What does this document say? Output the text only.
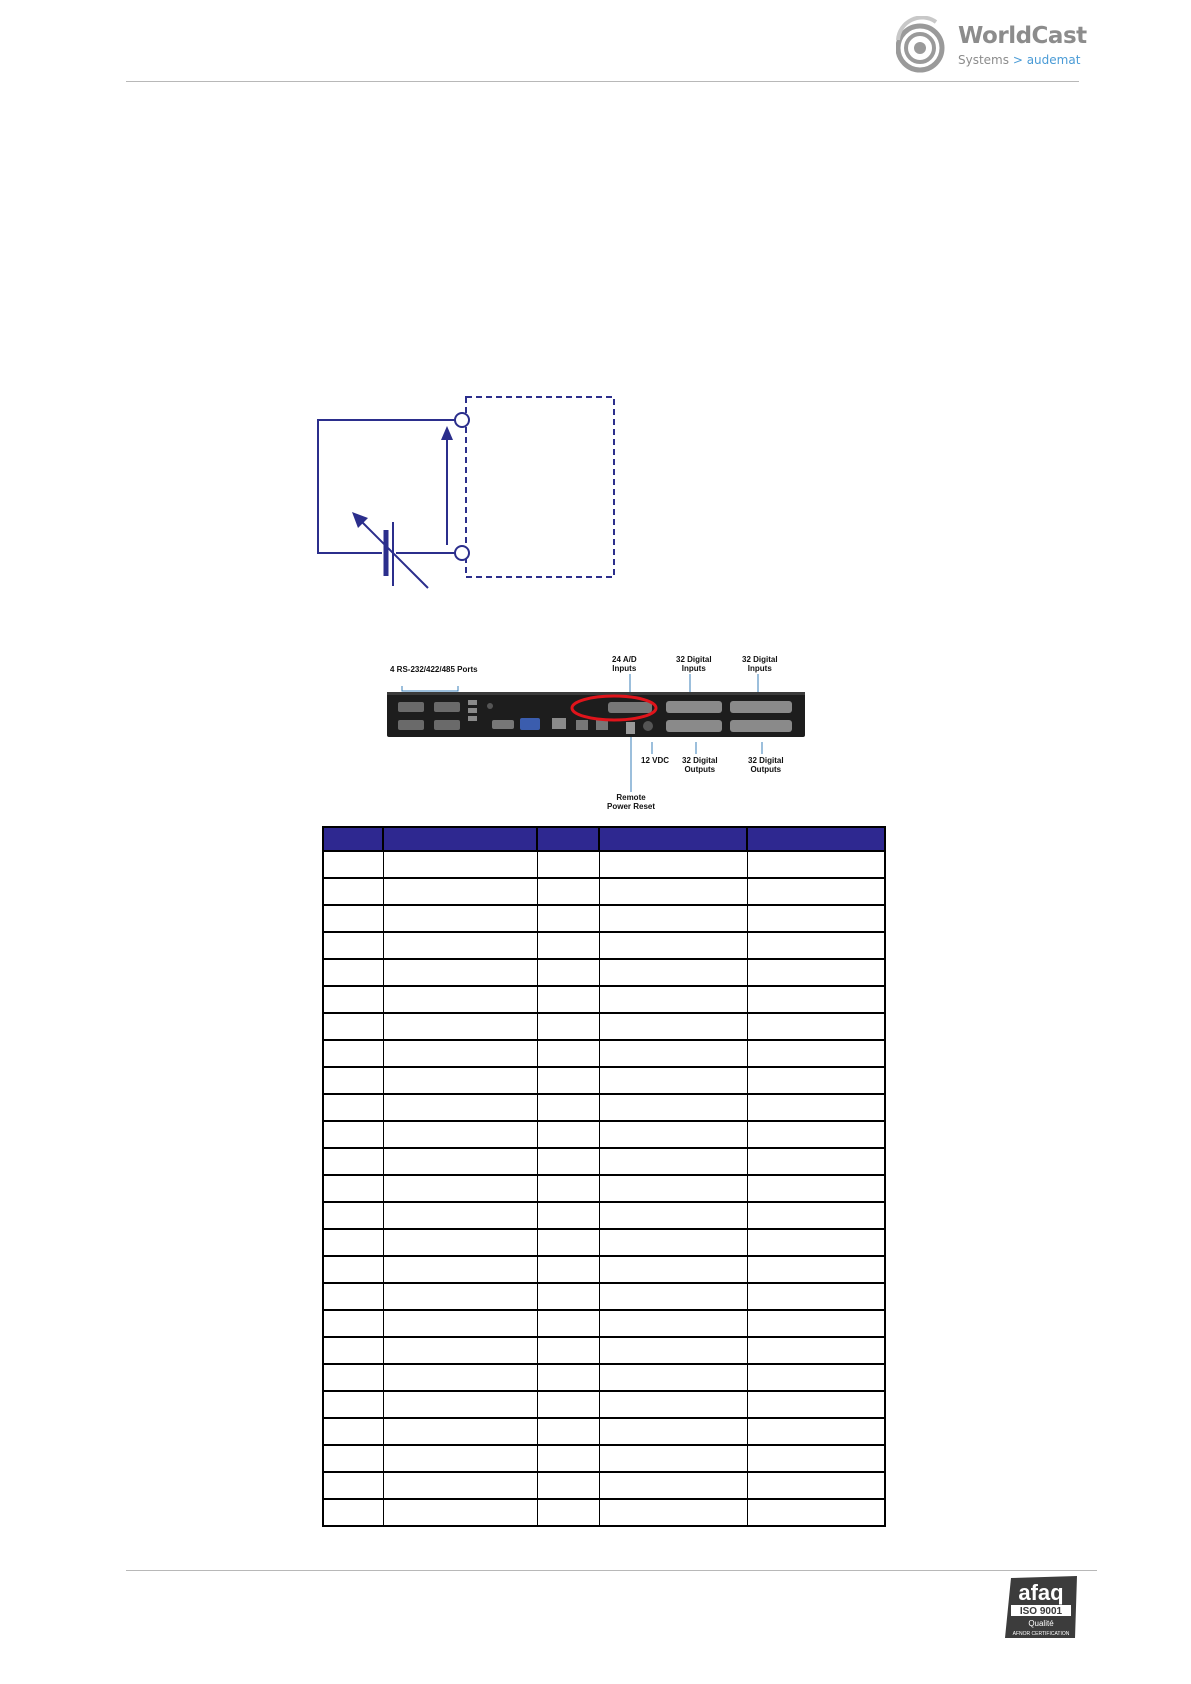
WorldCast
Systems > audemat
4 RS-232/422/485 Ports
24 A/D
Inputs
32 Digital
Inputs
32 Digital
Inputs
12 VDC 32 Digital
Outputs
32 Digital
Outputs
Remote
Power Reset

afaq
ISO 9001
Qualité
AFNOR CERTIFICATION
